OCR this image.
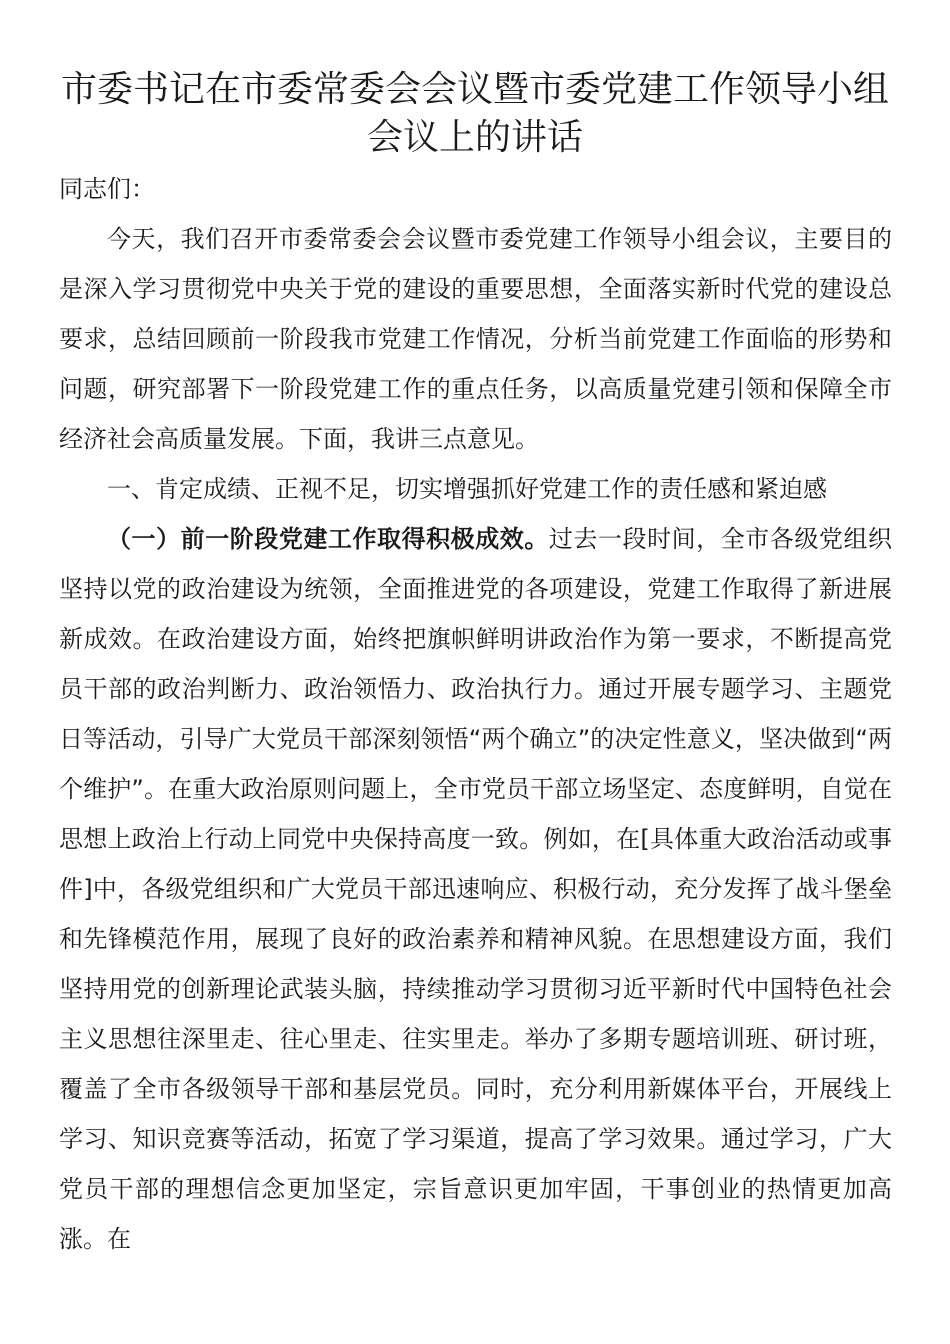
市委书记在市委常委会会议暨市委党建工作领导小组会议上的讲话

同志们：

今天，我们召开市委常委会会议暨市委党建工作领导小组会议，主要目的是深入学习贯彻党中央关于党的建设的重要思想，全面落实新时代党的建设总要求，总结回顾前一阶段我市党建工作情况，分析当前党建工作面临的形势和问题，研究部署下一阶段党建工作的重点任务，以高质量党建引领和保障全市经济社会高质量发展。下面，我讲三点意见。

一、肯定成绩、正视不足，切实增强抓好党建工作的责任感和紧迫感

（一）前一阶段党建工作取得积极成效。过去一段时间，全市各级党组织坚持以党的政治建设为统领，全面推进党的各项建设，党建工作取得了新进展新成效。在政治建设方面，始终把旗帜鲜明讲政治作为第一要求，不断提高党员干部的政治判断力、政治领悟力、政治执行力。通过开展专题学习、主题党日等活动，引导广大党员干部深刻领悟“两个确立”的决定性意义，坚决做到“两个维护”。在重大政治原则问题上，全市党员干部立场坚定、态度鲜明，自觉在思想上政治上行动上同党中央保持高度一致。例如，在[具体重大政治活动或事件]中，各级党组织和广大党员干部迅速响应、积极行动，充分发挥了战斗堡垒和先锋模范作用，展现了良好的政治素养和精神风貌。在思想建设方面，我们坚持用党的创新理论武装头脑，持续推动学习贯彻习近平新时代中国特色社会主义思想往深里走、往心里走、往实里走。举办了多期专题培训班、研讨班，覆盖了全市各级领导干部和基层党员。同时，充分利用新媒体平台，开展线上学习、知识竞赛等活动，拓宽了学习渠道，提高了学习效果。通过学习，广大党员干部的理想信念更加坚定，宗旨意识更加牢固，干事创业的热情更加高涨。在
